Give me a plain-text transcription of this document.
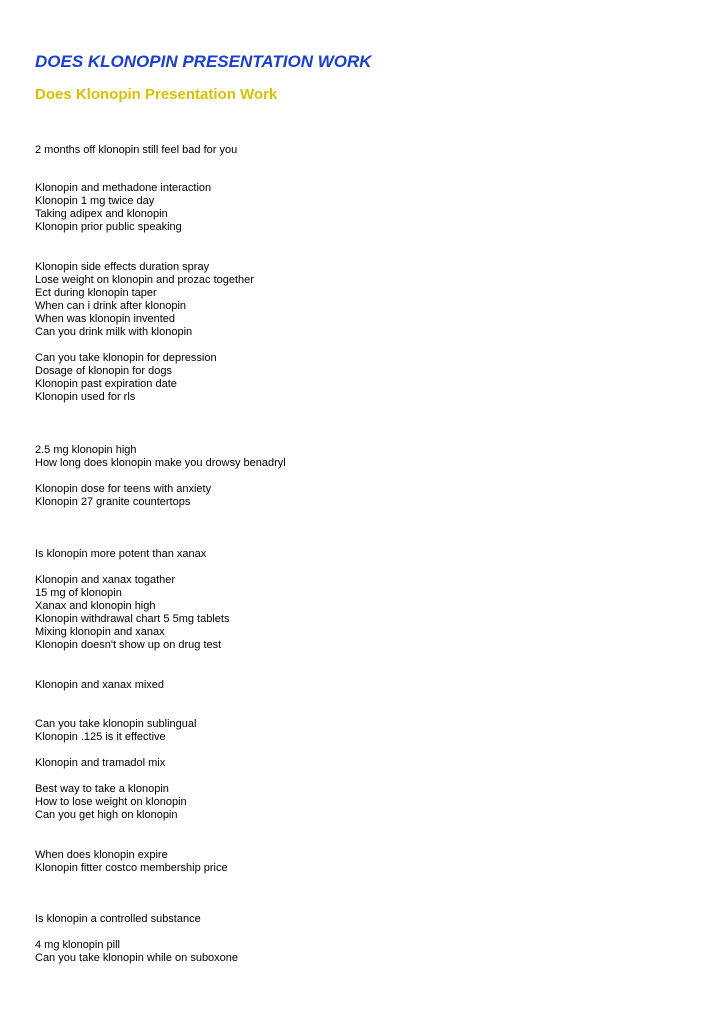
DOES KLONOPIN PRESENTATION WORK
Does Klonopin Presentation Work

2 months off klonopin still feel bad for you

Klonopin and methadone interaction

Klonopin 1 mg twice day

Taking adipex and klonopin

Klonopin prior public speaking

Klonopin side effects duration spray

Lose weight on klonopin and prozac together

Ect during klonopin taper

When can i drink after klonopin

When was klonopin invented

Can you drink milk with klonopin

Can you take klonopin for depression

Dosage of klonopin for dogs

Klonopin past expiration date

Klonopin used for rls

2.5 mg klonopin high

How long does klonopin make you drowsy benadryl

Klonopin dose for teens with anxiety

Klonopin 27 granite countertops

Is klonopin more potent than xanax

Klonopin and xanax togather

15 mg of klonopin

Xanax and klonopin high

Klonopin withdrawal chart 5 5mg tablets

Mixing klonopin and xanax

Klonopin doesn't show up on drug test

Klonopin and xanax mixed

Can you take klonopin sublingual

Klonopin .125 is it effective

Klonopin and tramadol mix

Best way to take a klonopin

How to lose weight on klonopin

Can you get high on klonopin

When does klonopin expire

Klonopin fitter costco membership price

Is klonopin a controlled substance

4 mg klonopin pill

Can you take klonopin while on suboxone
